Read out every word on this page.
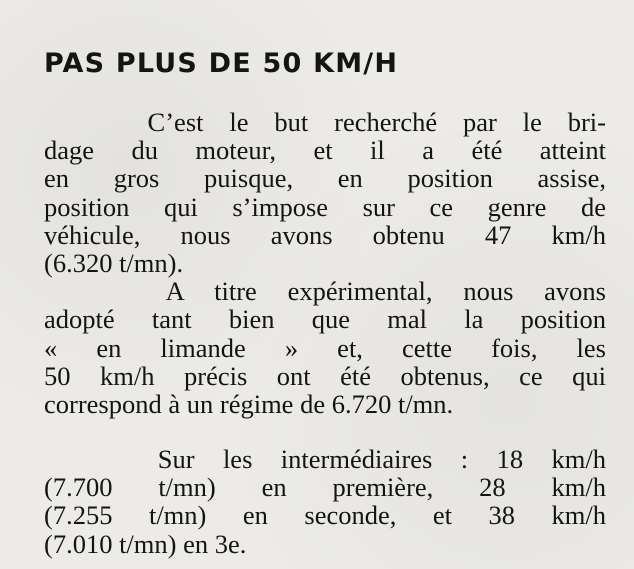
PAS PLUS DE 50 KM/H
C’est le but recherché par le bri-
dage du moteur, et il a été atteint
en gros puisque, en position assise,
position qui s’impose sur ce genre de
véhicule, nous avons obtenu 47 km/h
(6.320 t/mn).
A titre expérimental, nous avons
adopté tant bien que mal la position
« en limande » et, cette fois, les
50 km/h précis ont été obtenus, ce qui
correspond à un régime de 6.720 t/mn.
Sur les intermédiaires : 18 km/h
(7.700 t/mn) en première, 28 km/h
(7.255 t/mn) en seconde, et 38 km/h
(7.010 t/mn) en 3e.
